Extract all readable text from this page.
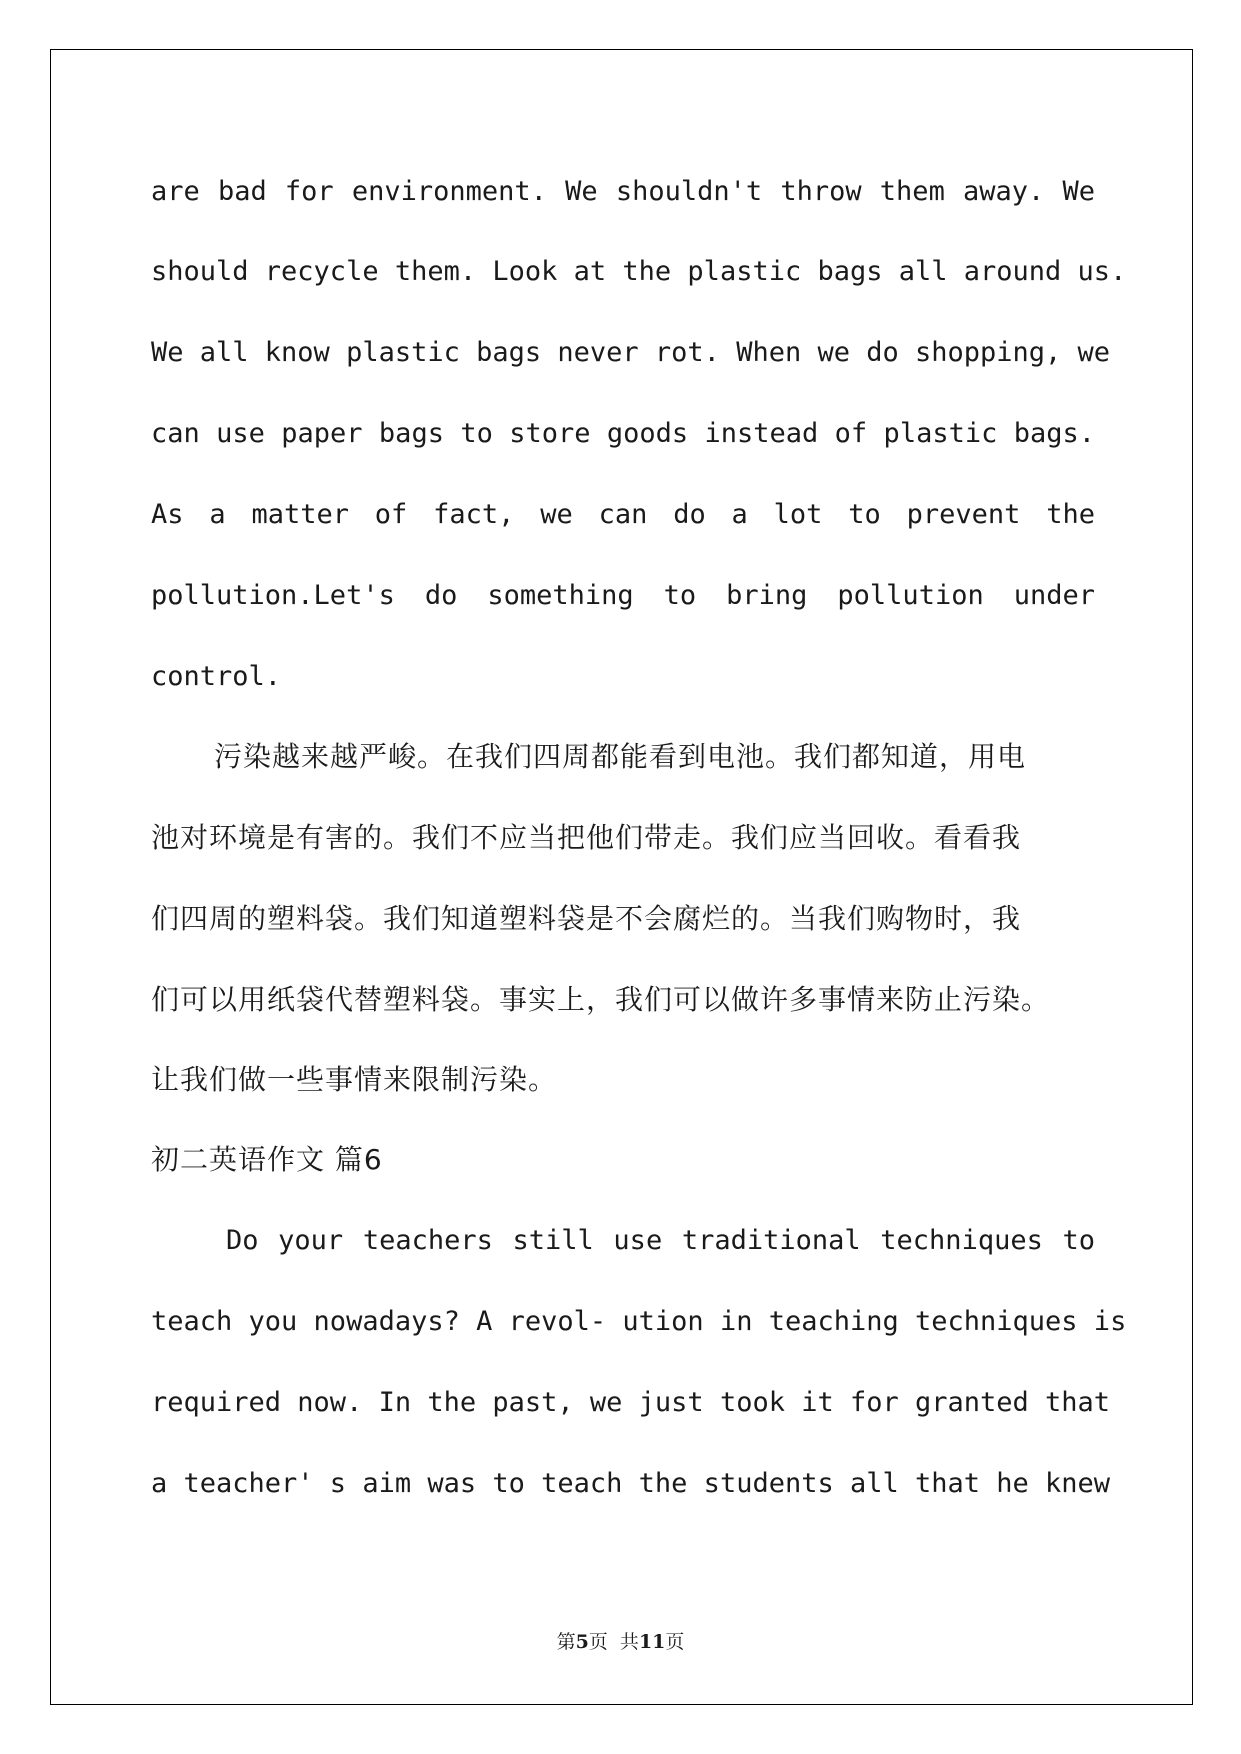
are bad for environment. We shouldn't throw them away. We
should recycle them. Look at the plastic bags all around us.
We all know plastic bags never rot. When we do shopping, we
can use paper bags to store goods instead of plastic bags.
As a matter of fact, we can do a lot to prevent the
pollution.Let's do something to bring pollution under
control.
污染越来越严峻。在我们四周都能看到电池。我们都知道，用电
池对环境是有害的。我们不应当把他们带走。我们应当回收。看看我
们四周的塑料袋。我们知道塑料袋是不会腐烂的。当我们购物时，我
们可以用纸袋代替塑料袋。事实上，我们可以做许多事情来防止污染。
让我们做一些事情来限制污染。
初二英语作文 篇6
Do your teachers still use traditional techniques to
teach you nowadays? A revol- ution in teaching techniques is
required now. In the past, we just took it for granted that
a teacher' s aim was to teach the students all that he knew
第5页  共11页
